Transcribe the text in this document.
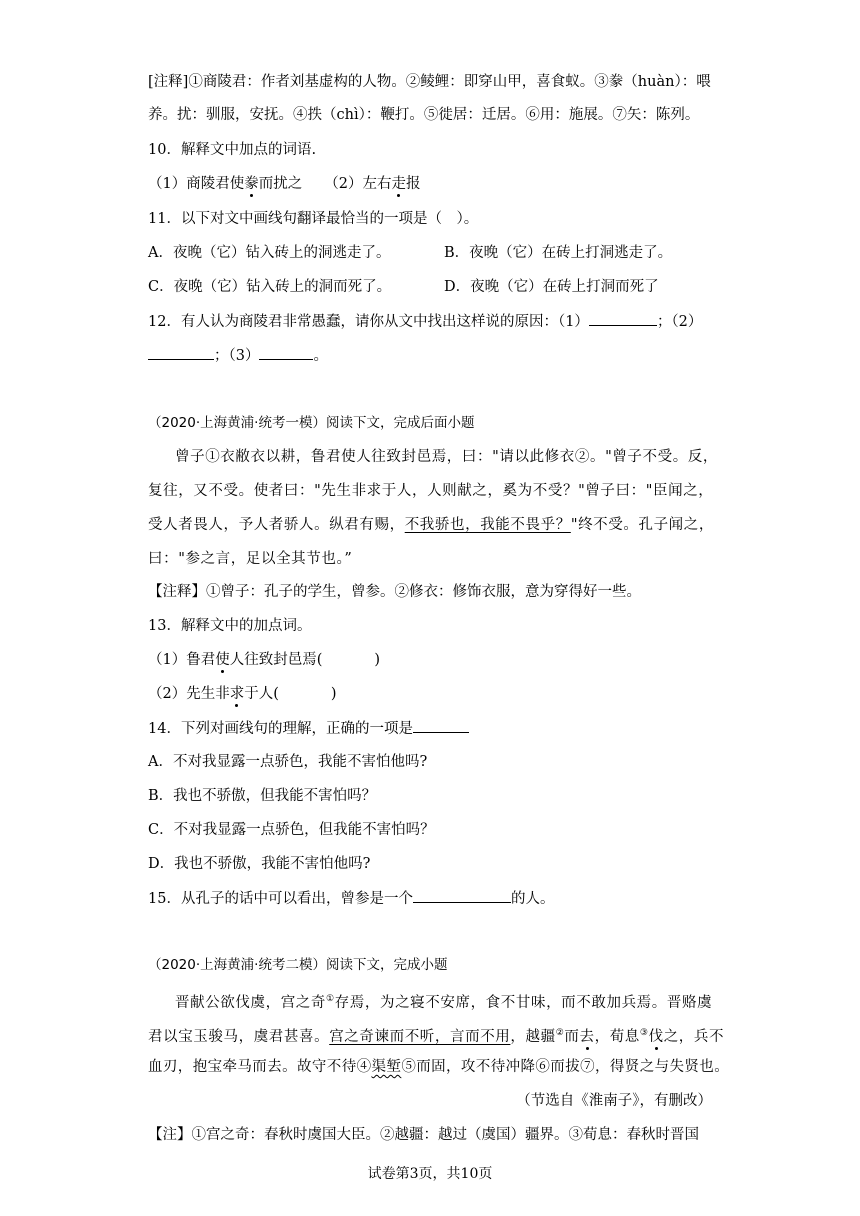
[注释]①商陵君：作者刘基虚构的人物。②鲮鲤：即穿山甲，喜食蚁。③豢（huàn）：喂
养。扰：驯服，安抚。④抶（chì）：鞭打。⑤徙居：迁居。⑥用：施展。⑦矢：陈列。
10．解释文中加点的词语.
（1）商陵君使豢而扰之 （2）左右走报
11．以下对文中画线句翻译最恰当的一项是（　）。
A．夜晚（它）钻入砖上的洞逃走了。	B．夜晚（它）在砖上打洞逃走了。
C．夜晚（它）钻入砖上的洞而死了。	D．夜晚（它）在砖上打洞而死了
12．有人认为商陵君非常愚蠢，请你从文中找出这样说的原因：（1）	；（2）
；（3）	。
（2020·上海黄浦·统考一模）阅读下文，完成后面小题
曾子①衣敝衣以耕，鲁君使人往致封邑焉，曰："请以此修衣②。"曾子不受。反，
复往，又不受。使者曰："先生非求于人，人则献之，奚为不受？"曾子曰："臣闻之，
受人者畏人，予人者骄人。纵君有赐，不我骄也，我能不畏乎？"终不受。孔子闻之，
曰："参之言，足以全其节也。”
【注释】①曾子：孔子的学生，曾参。②修衣：修饰衣服，意为穿得好一些。
13．解释文中的加点词。
（1）鲁君使人往致封邑焉(	)
（2）先生非求于人(	)
14．下列对画线句的理解，正确的一项是
A．不对我显露一点骄色，我能不害怕他吗?
B．我也不骄傲，但我能不害怕吗？
C．不对我显露一点骄色，但我能不害怕吗？
D．我也不骄傲，我能不害怕他吗?
15．从孔子的话中可以看出，曾参是一个	的人。
（2020·上海黄浦·统考二模）阅读下文，完成小题
晋献公欲伐虞，宫之奇①存焉，为之寝不安席，食不甘味，而不敢加兵焉。晋赂虞
君以宝玉骏马，虞君甚喜。宫之奇谏而不听，言而不用，越疆②而去，荀息③伐之，兵不
血刃，抱宝牵马而去。故守不待④渠堑⑤而固，攻不待冲降⑥而拔⑦，得贤之与失贤也。
（节选自《淮南子》，有删改）
【注】①宫之奇：春秋时虞国大臣。②越疆：越过（虞国）疆界。③荀息：春秋时晋国
试卷第3页，共10页
